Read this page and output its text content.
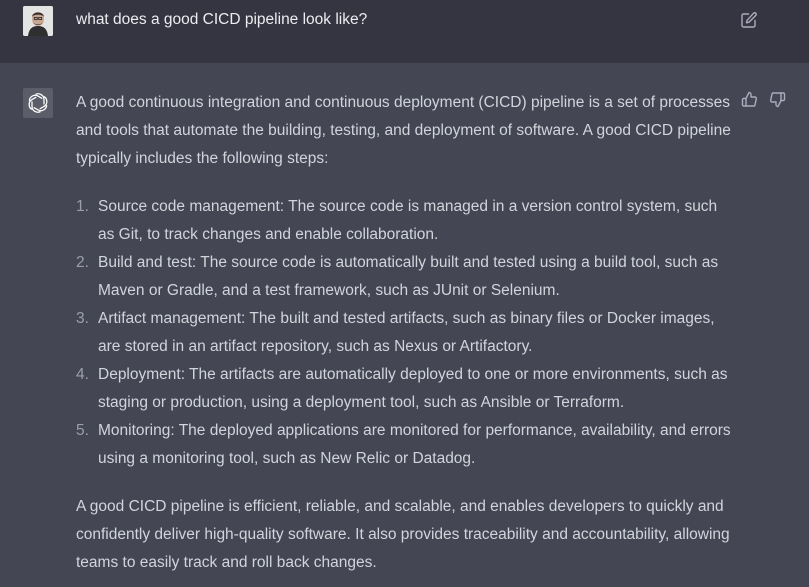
what does a good CICD pipeline look like?

A good continuous integration and continuous deployment (CICD) pipeline is a set of processes and tools that automate the building, testing, and deployment of software. A good CICD pipeline typically includes the following steps:

1. Source code management: The source code is managed in a version control system, such as Git, to track changes and enable collaboration.
2. Build and test: The source code is automatically built and tested using a build tool, such as Maven or Gradle, and a test framework, such as JUnit or Selenium.
3. Artifact management: The built and tested artifacts, such as binary files or Docker images, are stored in an artifact repository, such as Nexus or Artifactory.
4. Deployment: The artifacts are automatically deployed to one or more environments, such as staging or production, using a deployment tool, such as Ansible or Terraform.
5. Monitoring: The deployed applications are monitored for performance, availability, and errors using a monitoring tool, such as New Relic or Datadog.

A good CICD pipeline is efficient, reliable, and scalable, and enables developers to quickly and confidently deliver high-quality software. It also provides traceability and accountability, allowing teams to easily track and roll back changes.
